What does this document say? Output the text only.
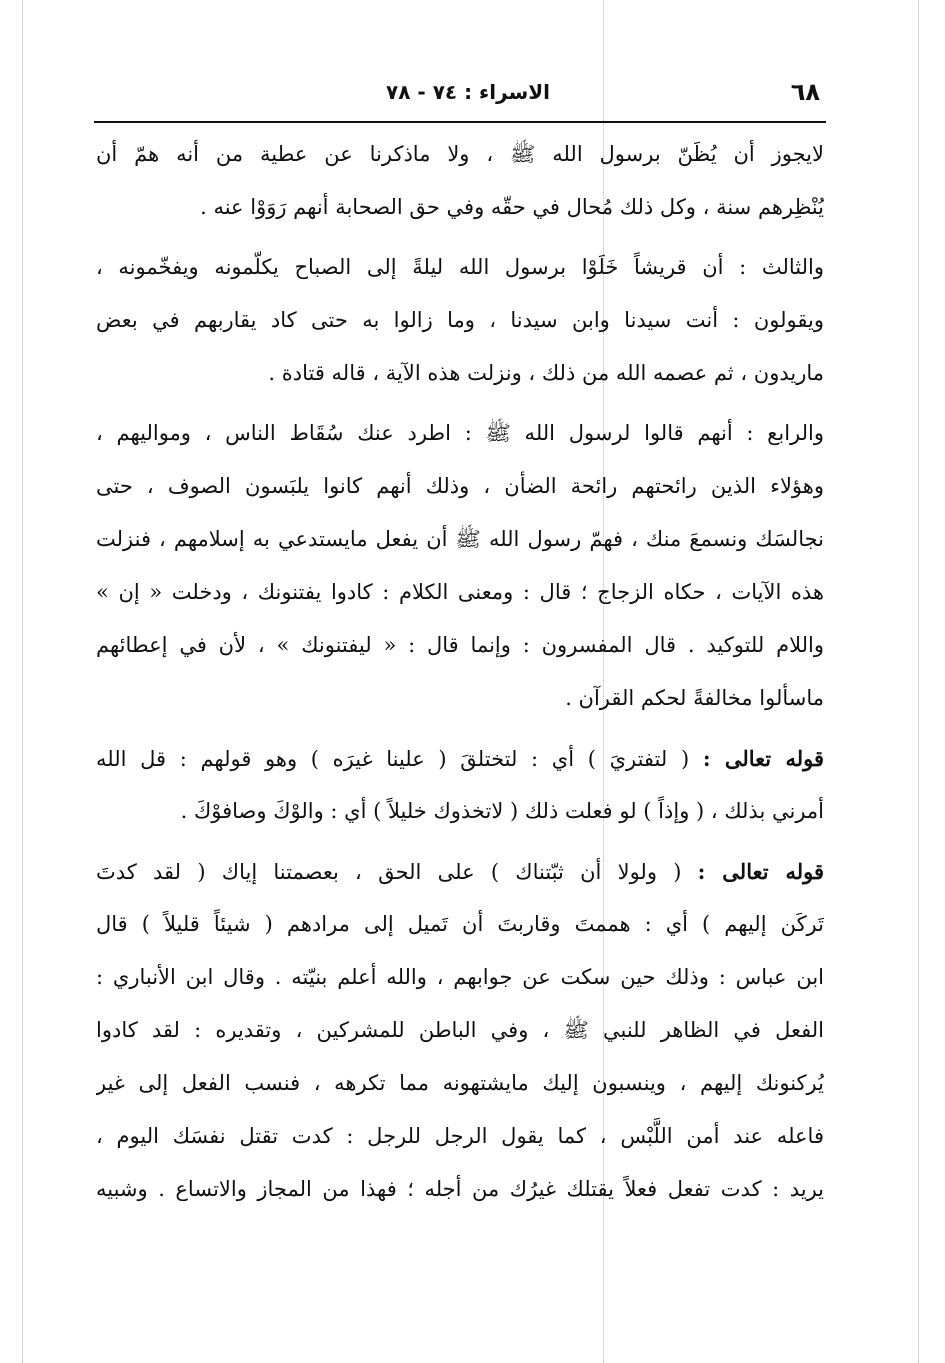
٦٨
الاسراء : ٧٤ - ٧٨
لايجوز أن يُظَنّ برسول الله ﷺ ، ولا ماذكرنا عن عطية من أنه همّ أن
يُنْظِرهم سنة ، وكل ذلك مُحال في حقّه وفي حق الصحابة أنهم رَوَوْا عنه .
والثالث : أن قريشاً خَلَوْا برسول الله ليلةً إلى الصباح يكلّمونه ويفخّمونه ،
ويقولون : أنت سيدنا وابن سيدنا ، وما زالوا به حتى كاد يقاربهم في بعض
ماريدون ، ثم عصمه الله من ذلك ، ونزلت هذه الآية ، قاله قتادة .
والرابع : أنهم قالوا لرسول الله ﷺ : اطرد عنك سُقَاط الناس ، ومواليهم ،
وهؤلاء الذين رائحتهم رائحة الضأن ، وذلك أنهم كانوا يلبَسون الصوف ، حتى
نجالسَك ونسمعَ منك ، فهمّ رسول الله ﷺ أن يفعل مايستدعي به إسلامهم ، فنزلت
هذه الآيات ، حكاه الزجاج ؛ قال : ومعنى الكلام : كادوا يفتنونك ، ودخلت « إن »
واللام للتوكيد . قال المفسرون : وإنما قال : « ليفتنونك » ، لأن في إعطائهم
ماسألوا مخالفةً لحكم القرآن .
قوله تعالى : ( لتفتريَ ) أي : لتختلقَ ( علينا غيرَه ) وهو قولهم : قل الله
أمرني بذلك ، ( وإذاً ) لو فعلت ذلك ( لاتخذوك خليلاً ) أي : والوْكَ وصافوْكَ .
قوله تعالى : ( ولولا أن ثبّتناك ) على الحق ، بعصمتنا إياك ( لقد كدتَ
تَركَن إليهم ) أي : هممتَ وقاربتَ أن تَميل إلى مرادهم ( شيئاً قليلاً ) قال
ابن عباس : وذلك حين سكت عن جوابهم ، والله أعلم بنيّته . وقال ابن الأنباري :
الفعل في الظاهر للنبي ﷺ ، وفي الباطن للمشركين ، وتقديره : لقد كادوا
يُركنونك إليهم ، وينسبون إليك مايشتهونه مما تكرهه ، فنسب الفعل إلى غير
فاعله عند أمن اللَّبْس ، كما يقول الرجل للرجل : كدت تقتل نفسَك اليوم ،
يريد : كدت تفعل فعلاً يقتلك غيرُك من أجله ؛ فهذا من المجاز والاتساع . وشبيه
